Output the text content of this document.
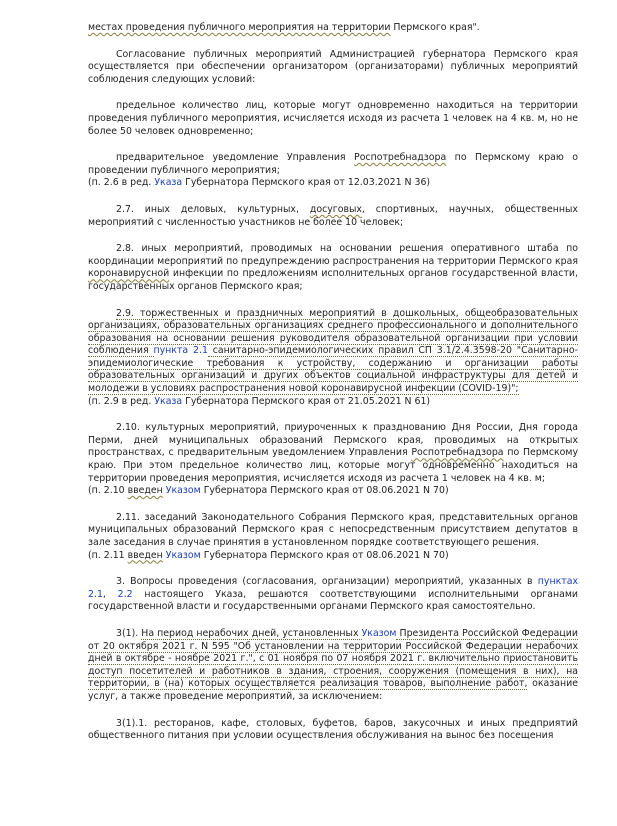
местах проведения публичного мероприятия на территории Пермского края".

Согласование публичных мероприятий Администрацией губернатора Пермского края осуществляется при обеспечении организатором (организаторами) публичных мероприятий соблюдения следующих условий:

предельное количество лиц, которые могут одновременно находиться на территории проведения публичного мероприятия, исчисляется исходя из расчета 1 человек на 4 кв. м, но не более 50 человек одновременно;

предварительное уведомление Управления Роспотребнадзора по Пермскому краю о проведении публичного мероприятия;

(п. 2.6 в ред. Указа Губернатора Пермского края от 12.03.2021 N 36)

2.7. иных деловых, культурных, досуговых, спортивных, научных, общественных мероприятий с численностью участников не более 10 человек;

2.8. иных мероприятий, проводимых на основании решения оперативного штаба по координации мероприятий по предупреждению распространения на территории Пермского края коронавирусной инфекции по предложениям исполнительных органов государственной власти, государственных органов Пермского края;

2.9. торжественных и праздничных мероприятий в дошкольных, общеобразовательных организациях, образовательных организациях среднего профессионального и дополнительного образования на основании решения руководителя образовательной организации при условии соблюдения пункта 2.1 санитарно-эпидемиологических правил СП 3.1/2.4.3598-20 "Санитарно-эпидемиологические требования к устройству, содержанию и организации работы образовательных организаций и других объектов социальной инфраструктуры для детей и молодежи в условиях распространения новой коронавирусной инфекции (COVID-19)";

(п. 2.9 в ред. Указа Губернатора Пермского края от 21.05.2021 N 61)

2.10. культурных мероприятий, приуроченных к празднованию Дня России, Дня города Перми, дней муниципальных образований Пермского края, проводимых на открытых пространствах, с предварительным уведомлением Управления Роспотребнадзора по Пермскому краю. При этом предельное количество лиц, которые могут одновременно находиться на территории проведения мероприятия, исчисляется исходя из расчета 1 человек на 4 кв. м;

(п. 2.10 введен Указом Губернатора Пермского края от 08.06.2021 N 70)

2.11. заседаний Законодательного Собрания Пермского края, представительных органов муниципальных образований Пермского края с непосредственным присутствием депутатов в зале заседания в случае принятия в установленном порядке соответствующего решения.

(п. 2.11 введен Указом Губернатора Пермского края от 08.06.2021 N 70)

3. Вопросы проведения (согласования, организации) мероприятий, указанных в пунктах 2.1, 2.2 настоящего Указа, решаются соответствующими исполнительными органами государственной власти и государственными органами Пермского края самостоятельно.

3(1). На период нерабочих дней, установленных Указом Президента Российской Федерации от 20 октября 2021 г. N 595 "Об установлении на территории Российской Федерации нерабочих дней в октябре - ноябре 2021 г.", с 01 ноября по 07 ноября 2021 г. включительно приостановить доступ посетителей и работников в здания, строения, сооружения (помещения в них), на территории, в (на) которых осуществляется реализация товаров, выполнение работ, оказание услуг, а также проведение мероприятий, за исключением:

3(1).1. ресторанов, кафе, столовых, буфетов, баров, закусочных и иных предприятий общественного питания при условии осуществления обслуживания на вынос без посещения
